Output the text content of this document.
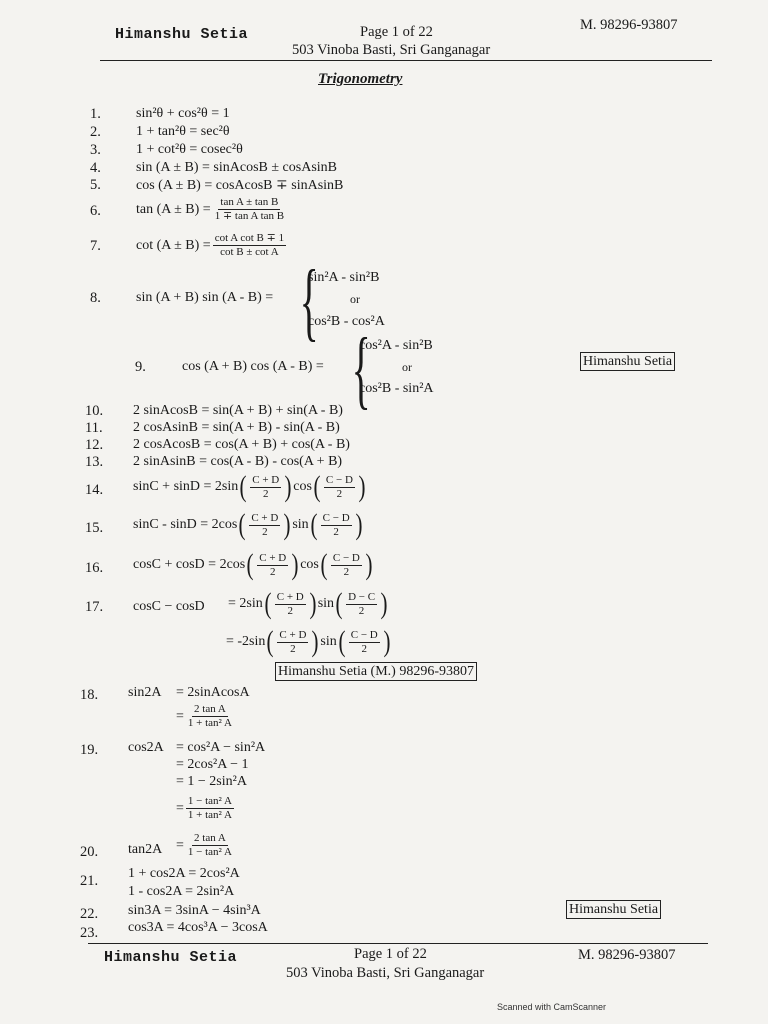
Himanshu Setia	Page 1 of 22
503 Vinoba Basti, Sri Ganganagar
M. 98296-93807
Trigonometry
1.	sin²θ + cos²θ = 1
2.	1 + tan²θ = sec²θ
3.	1 + cot²θ = cosec²θ
4.	sin (A ± B) = sinAcosB ± cosAsinB
5.	cos (A ± B) = cosAcosB ∓ sinAsinB
6.	$\tan (A \pm B) = \frac{\text{tan A ± tan B}}{\text{1 ∓ tan A tan B}}$
7.	$\cot (A \pm B) = \frac{\text{cot A cot B ∓ 1}}{\text{cot B ± cot A}}$
8.	sin (A + B) sin (A - B) = {
sin²A - sin²B
or
cos²B - cos²A
9.	cos (A + B) cos (A - B) = {
cos²A - sin²B
or
cos²B - sin²A
Himanshu Setia
10. 2 sinAcosB = sin(A + B) + sin(A - B)
11. 2 cosAsinB = sin(A + B) - sin(A - B)
12. 2 cosAcosB = cos(A + B) + cos(A - B)
13. 2 sinAsinB = cos(A - B) - cos(A + B)
14. sinC + sinD = 2sin ( $\frac{C + D}{2}$ ) cos ( $\frac{C - D}{2}$ )
15. sinC - sinD = 2cos ( $\frac{C + D}{2}$ ) sin ( $\frac{C - D}{2}$ )
16. cosC + cosD = 2cos ( $\frac{C + D}{2}$ ) cos ( $\frac{C - D}{2}$ )
17. cosC − cosD = 2sin ( $\frac{C + D}{2}$ ) sin ( $\frac{D - C}{2}$ )
= -2sin ( $\frac{C + D}{2}$ ) sin ( $\frac{C - D}{2}$ )
Himanshu Setia (M.) 98296-93807
18. sin2A = 2sinAcosA
= $\frac{\text{2 tan A}}{\text{1 + tan² A}}$
19. cos2A = cos²A − sin²A
= 2cos²A − 1
= 1 − 2sin²A
= $\frac{\text{1 − tan² A}}{\text{1 + tan² A}}$
20. $\tan 2A = \frac{\text{2 tan A}}{\text{1 − tan² A}}$
21. 1 + cos2A = 2cos²A
1 - cos2A = 2sin²A
22. sin3A = 3sinA − 4sin³A	Himanshu Setia
23. cos3A = 4cos³A − 3cosA
Himanshu Setia	Page 1 of 22
503 Vinoba Basti, Sri Ganganagar
M. 98296-93807
Scanned with CamScanner
